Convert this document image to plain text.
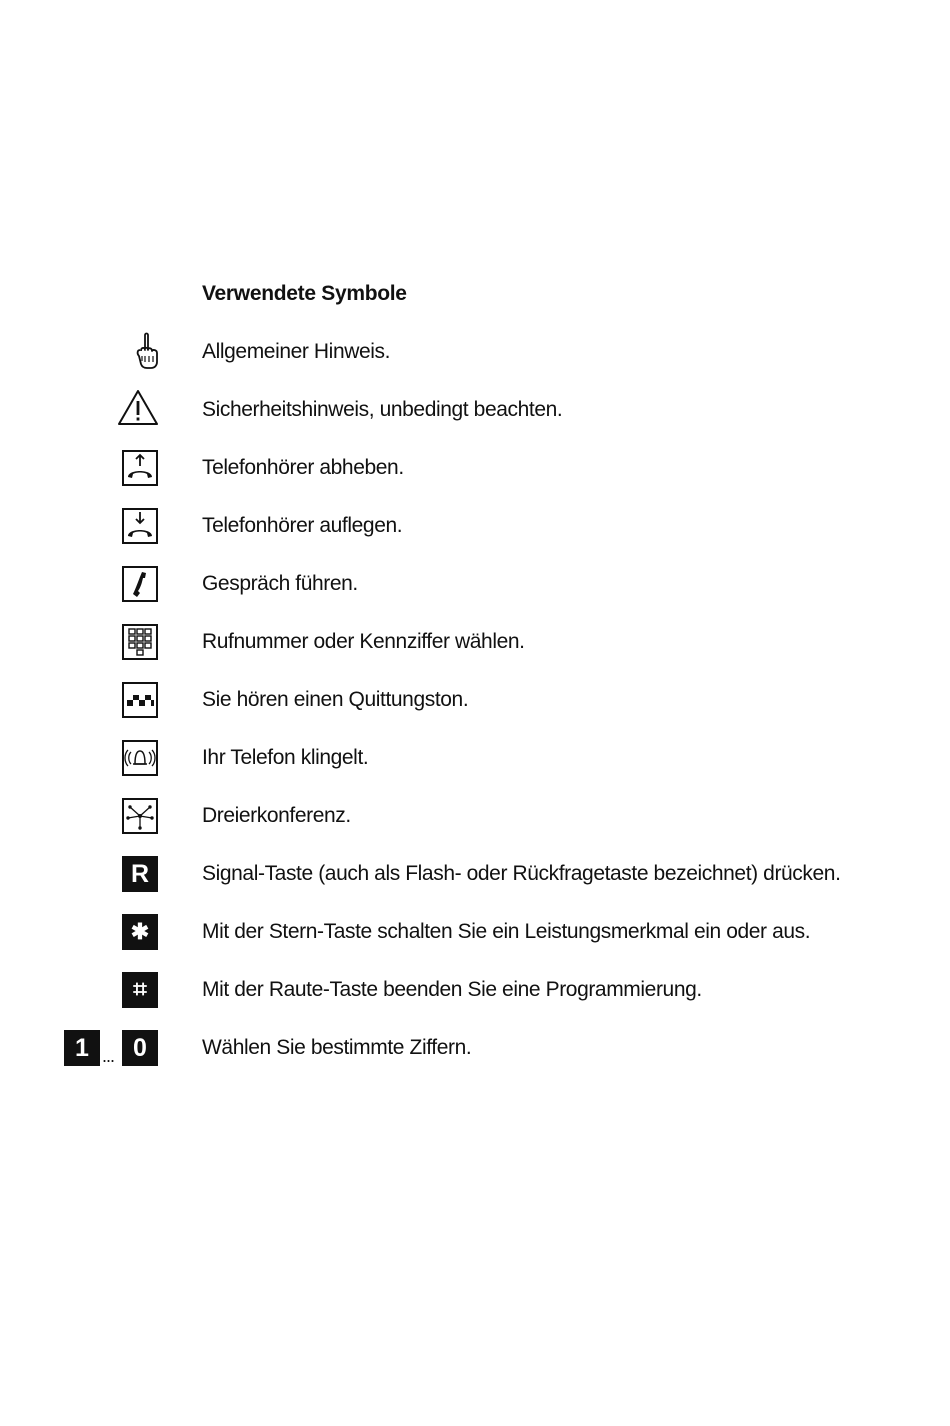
Verwendete Symbole
Allgemeiner Hinweis.
Sicherheitshinweis, unbedingt beachten.
Telefonhörer abheben.
Telefonhörer auflegen.
Gespräch führen.
Rufnummer oder Kennziffer wählen.
Sie hören einen Quittungston.
Ihr Telefon klingelt.
Dreierkonferenz.
R	Signal-Taste (auch als Flash- oder Rückfragetaste bezeichnet) drücken.
✱	Mit der Stern-Taste schalten Sie ein Leistungsmerkmal ein oder aus.
⌗	Mit der Raute-Taste beenden Sie eine Programmierung.
1 ... 0	Wählen Sie bestimmte Ziffern.
